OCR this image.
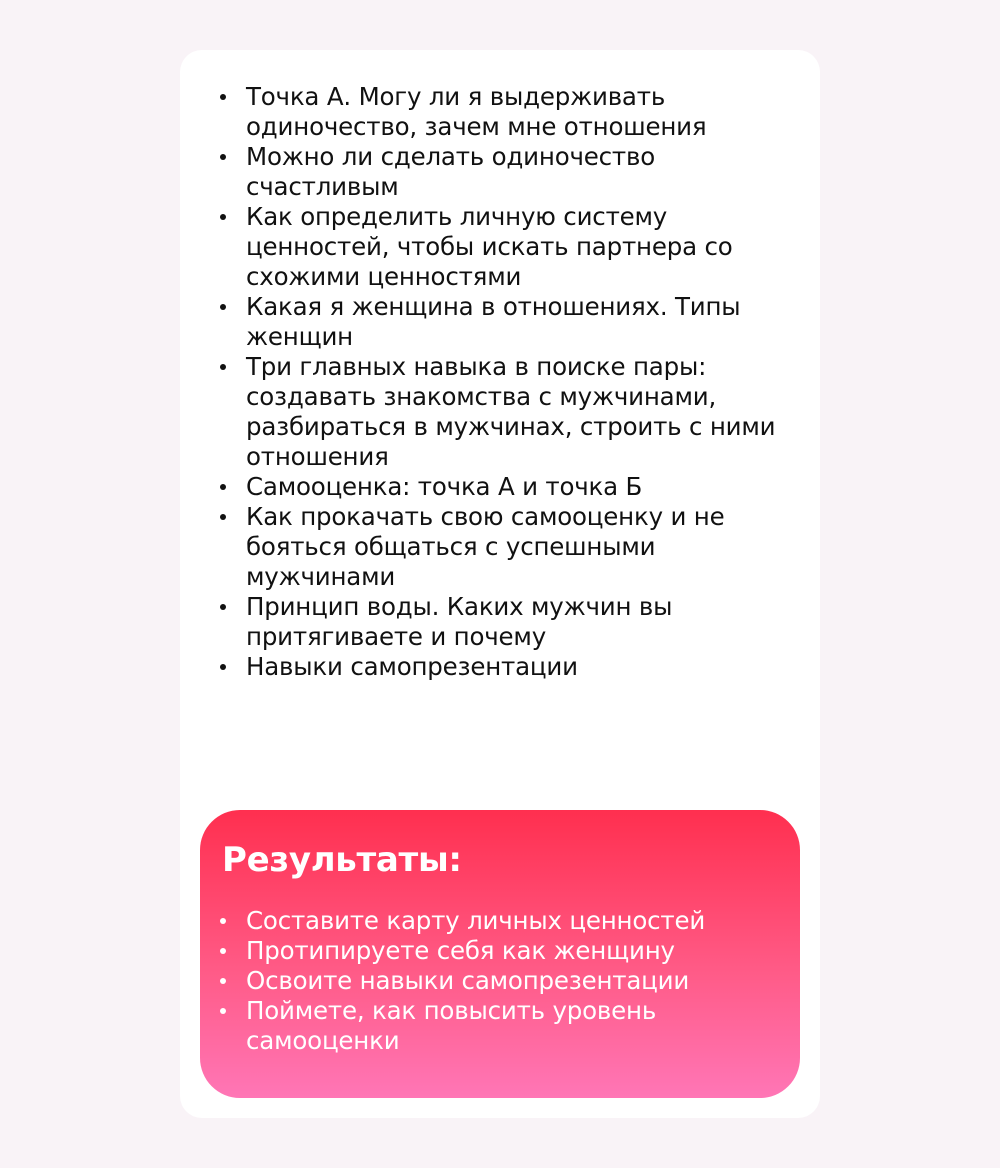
Точка А. Могу ли я выдерживать одиночество, зачем мне отношения
Можно ли сделать одиночество счастливым
Как определить личную систему ценностей, чтобы искать партнера со схожими ценностями
Какая я женщина в отношениях. Типы женщин
Три главных навыка в поиске пары: создавать знакомства с мужчинами, разбираться в мужчинах, строить с ними отношения
Самооценка: точка А и точка Б
Как прокачать свою самооценку и не бояться общаться с успешными мужчинами
Принцип воды. Каких мужчин вы притягиваете и почему
Навыки самопрезентации
Результаты:
Составите карту личных ценностей
Протипируете себя как женщину
Освоите навыки самопрезентации
Поймете, как повысить уровень самооценки
